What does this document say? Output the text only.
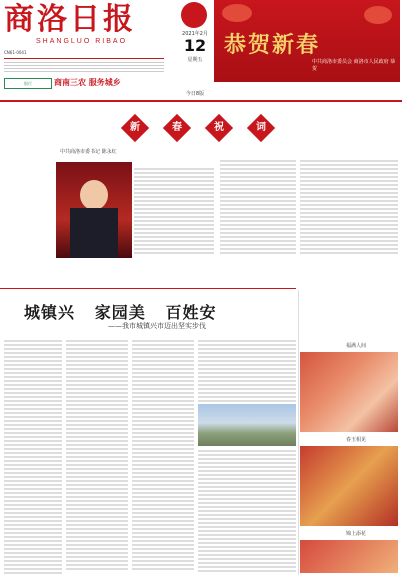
商洛日报
SHANGLUO RIBAO
CN61-0041
银行	商南三农 服务城乡
2021年2月
12
星期五
今日8版
恭贺新春
中共商洛市委员会 商洛市人民政府 恭贺
新	春	祝	词
中共商洛市委书记 陈永红
城镇兴 家园美 百姓安
——我市城镇兴市迈出坚实步伐
福满人间
春玉相见
锦上添花
